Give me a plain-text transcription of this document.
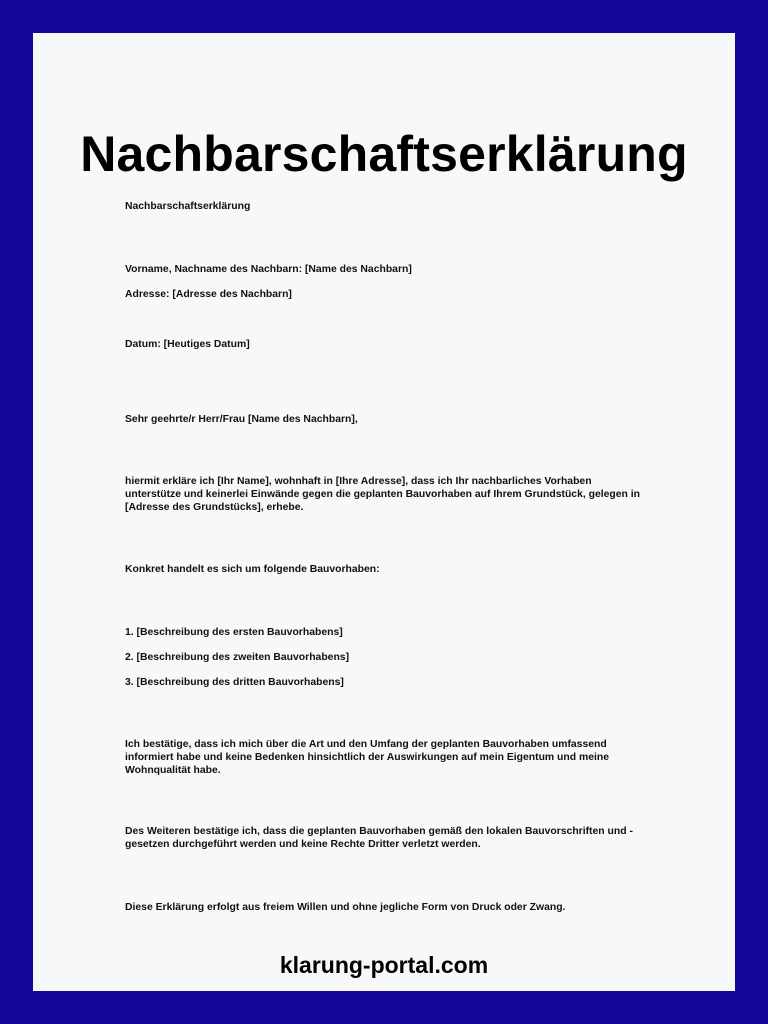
Nachbarschaftserklärung

Nachbarschaftserklärung

Vorname, Nachname des Nachbarn: [Name des Nachbarn]

Adresse: [Adresse des Nachbarn]

Datum: [Heutiges Datum]

Sehr geehrte/r Herr/Frau [Name des Nachbarn],

hiermit erkläre ich [Ihr Name], wohnhaft in [Ihre Adresse], dass ich Ihr nachbarliches Vorhaben unterstütze und keinerlei Einwände gegen die geplanten Bauvorhaben auf Ihrem Grundstück, gelegen in [Adresse des Grundstücks], erhebe.

Konkret handelt es sich um folgende Bauvorhaben:

1. [Beschreibung des ersten Bauvorhabens]

2. [Beschreibung des zweiten Bauvorhabens]

3. [Beschreibung des dritten Bauvorhabens]

Ich bestätige, dass ich mich über die Art und den Umfang der geplanten Bauvorhaben umfassend informiert habe und keine Bedenken hinsichtlich der Auswirkungen auf mein Eigentum und meine Wohnqualität habe.

Des Weiteren bestätige ich, dass die geplanten Bauvorhaben gemäß den lokalen Bauvorschriften und -gesetzen durchgeführt werden und keine Rechte Dritter verletzt werden.

Diese Erklärung erfolgt aus freiem Willen und ohne jegliche Form von Druck oder Zwang.

klarung-portal.com
